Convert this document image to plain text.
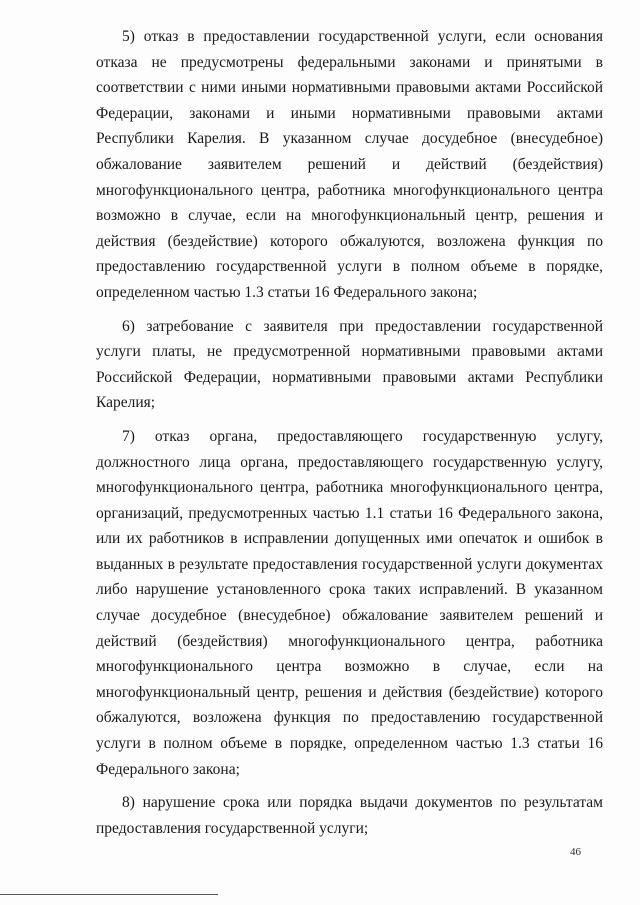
5) отказ в предоставлении государственной услуги, если основания отказа не предусмотрены федеральными законами и принятыми в соответствии с ними иными нормативными правовыми актами Российской Федерации, законами и иными нормативными правовыми актами Республики Карелия. В указанном случае досудебное (внесудебное) обжалование заявителем решений и действий (бездействия) многофункционального центра, работника многофункционального центра возможно в случае, если на многофункциональный центр, решения и действия (бездействие) которого обжалуются, возложена функция по предоставлению государственной услуги в полном объеме в порядке, определенном частью 1.3 статьи 16 Федерального закона;

6) затребование с заявителя при предоставлении государственной услуги платы, не предусмотренной нормативными правовыми актами Российской Федерации, нормативными правовыми актами Республики Карелия;

7) отказ органа, предоставляющего государственную услугу, должностного лица органа, предоставляющего государственную услугу, многофункционального центра, работника многофункционального центра, организаций, предусмотренных частью 1.1 статьи 16 Федерального закона, или их работников в исправлении допущенных ими опечаток и ошибок в выданных в результате предоставления государственной услуги документах либо нарушение установленного срока таких исправлений. В указанном случае досудебное (внесудебное) обжалование заявителем решений и действий (бездействия) многофункционального центра, работника многофункционального центра возможно в случае, если на многофункциональный центр, решения и действия (бездействие) которого обжалуются, возложена функция по предоставлению государственной услуги в полном объеме в порядке, определенном частью 1.3 статьи 16 Федерального закона;

8) нарушение срока или порядка выдачи документов по результатам предоставления государственной услуги;

46
